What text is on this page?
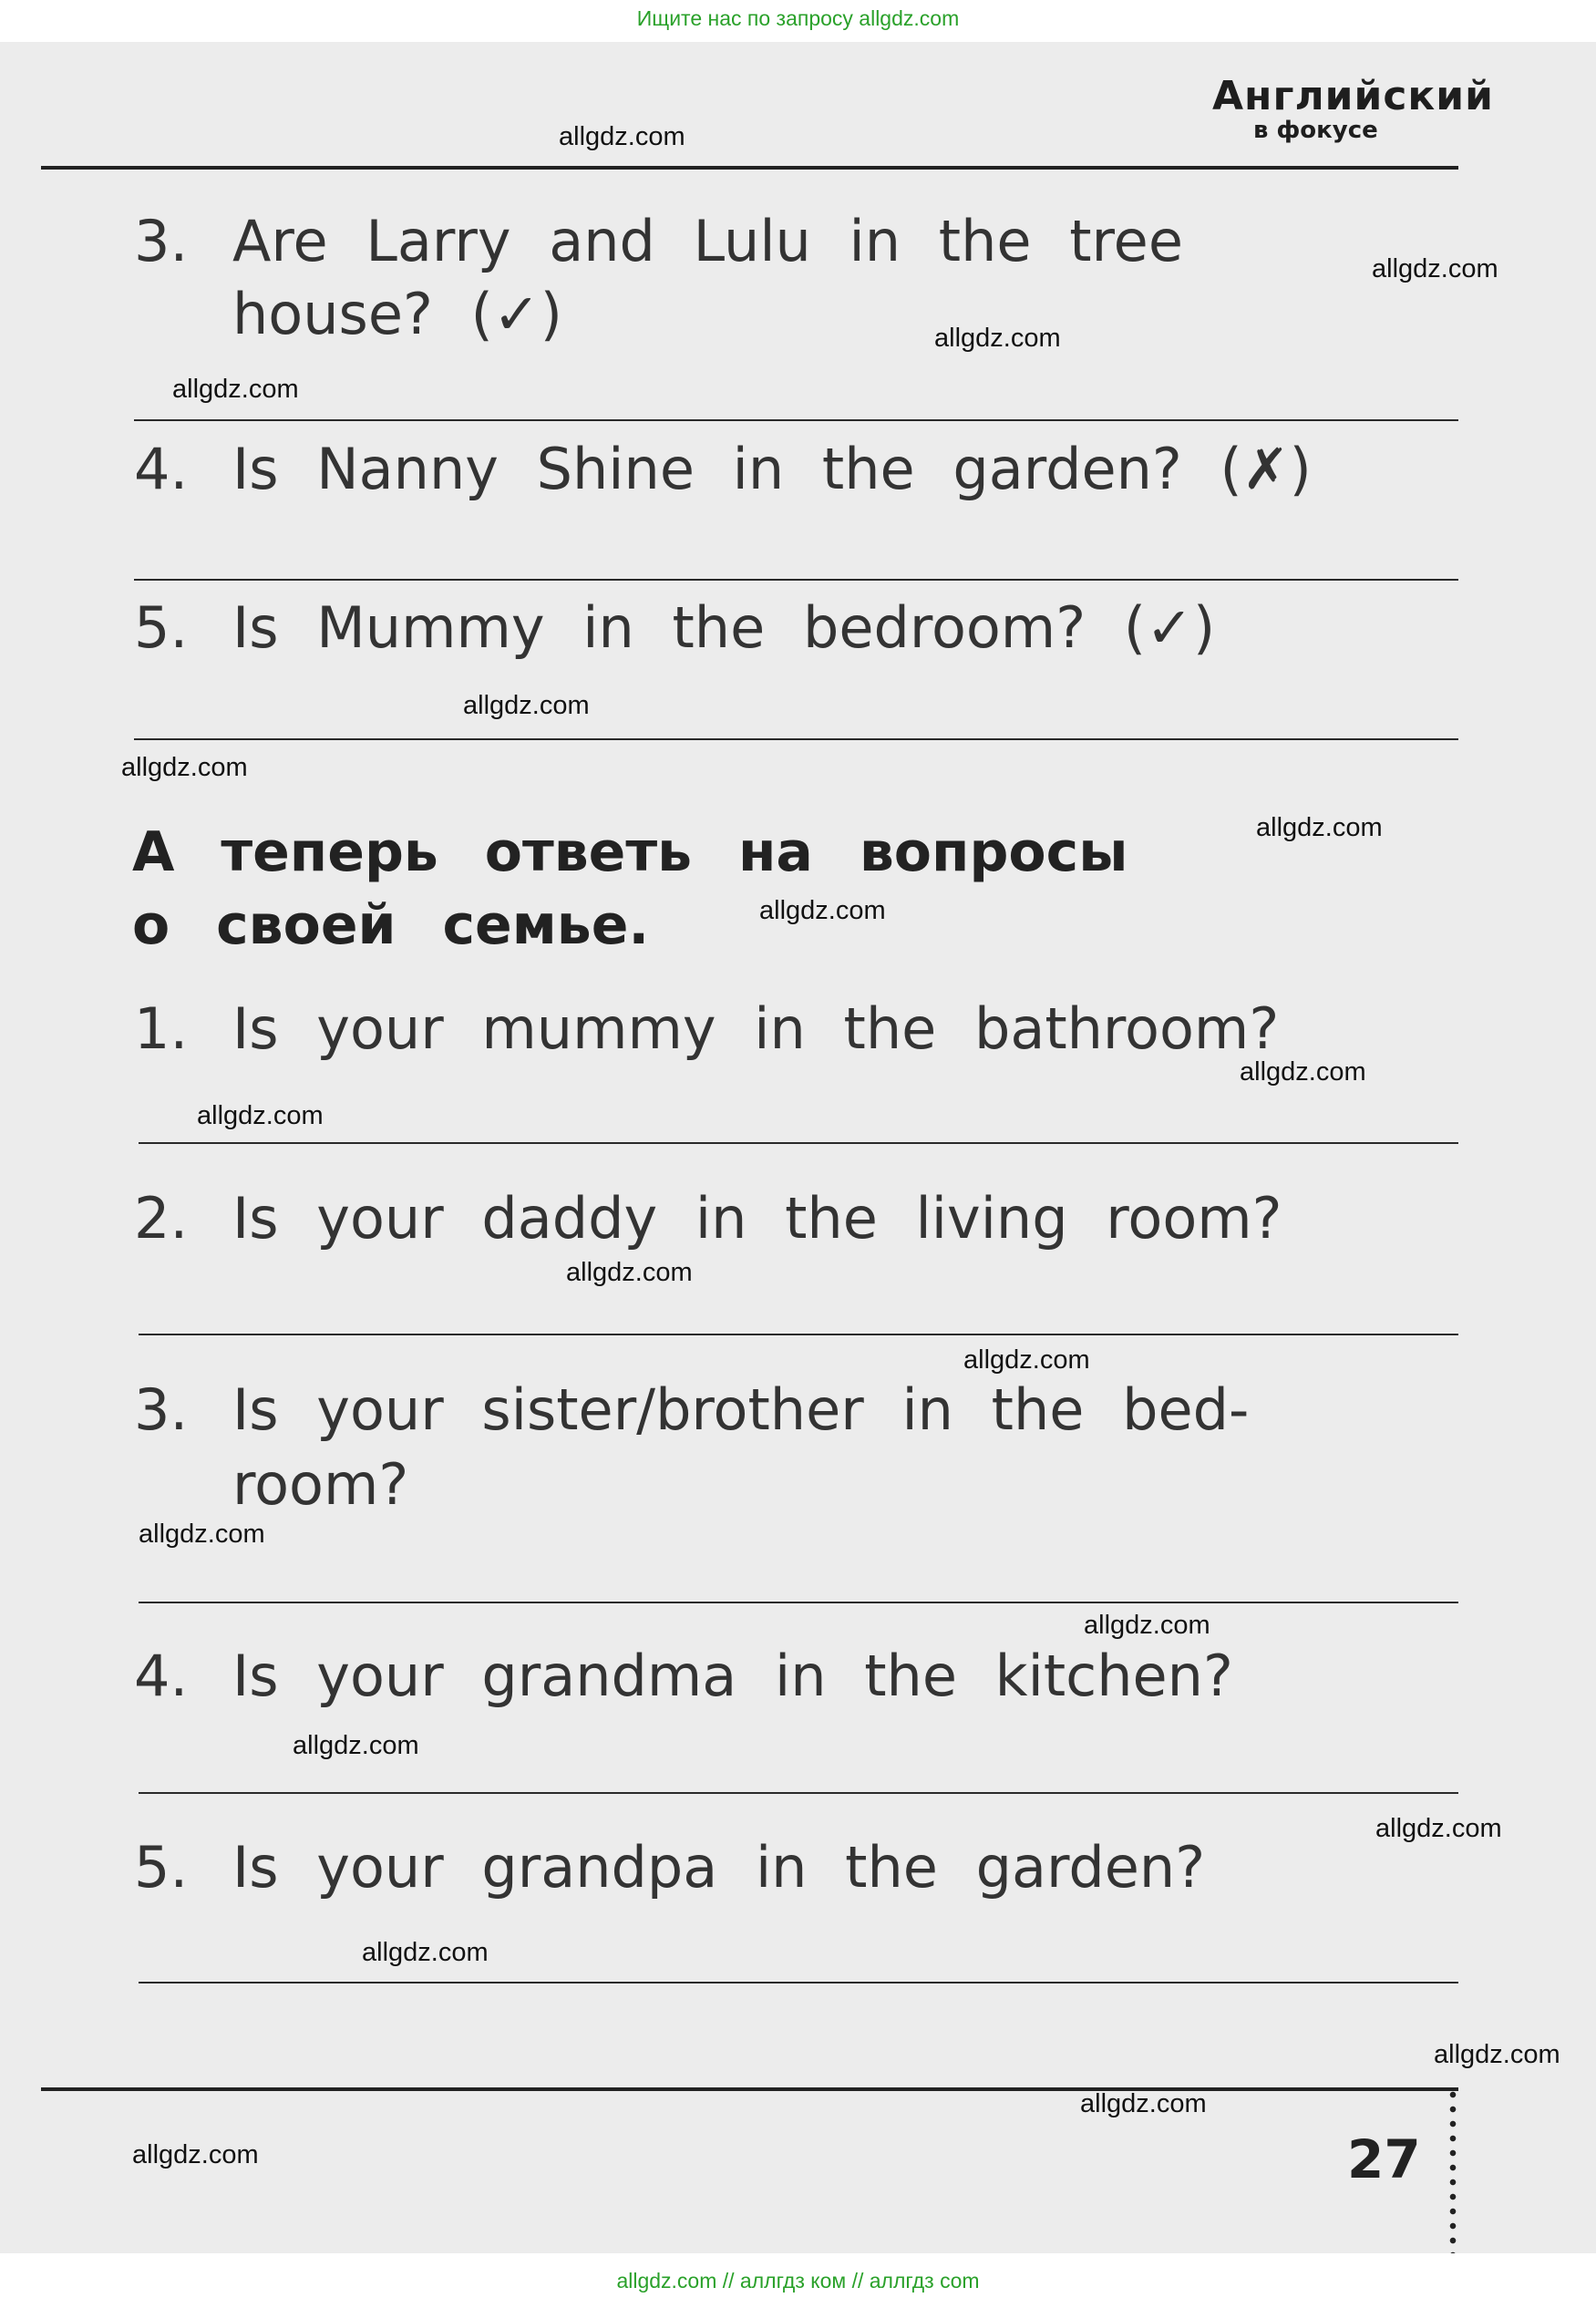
Ищите нас по запросу allgdz.com
Английский
в фокусе
3. Are Larry and Lulu in the tree
house? (✓)
4. Is Nanny Shine in the garden? (✗)
5. Is Mummy in the bedroom? (✓)
А теперь ответь на вопросы
о своей семье.
1. Is your mummy in the bathroom?
2. Is your daddy in the living room?
3. Is your sister/brother in the bed-
room?
4. Is your grandma in the kitchen?
5. Is your grandpa in the garden?
27
allgdz.com
allgdz.com
allgdz.com
allgdz.com
allgdz.com
allgdz.com
allgdz.com
allgdz.com
allgdz.com
allgdz.com
allgdz.com
allgdz.com
allgdz.com
allgdz.com
allgdz.com
allgdz.com
allgdz.com
allgdz.com
allgdz.com
allgdz.com
allgdz.com // аллгдз ком // аллгдз com
